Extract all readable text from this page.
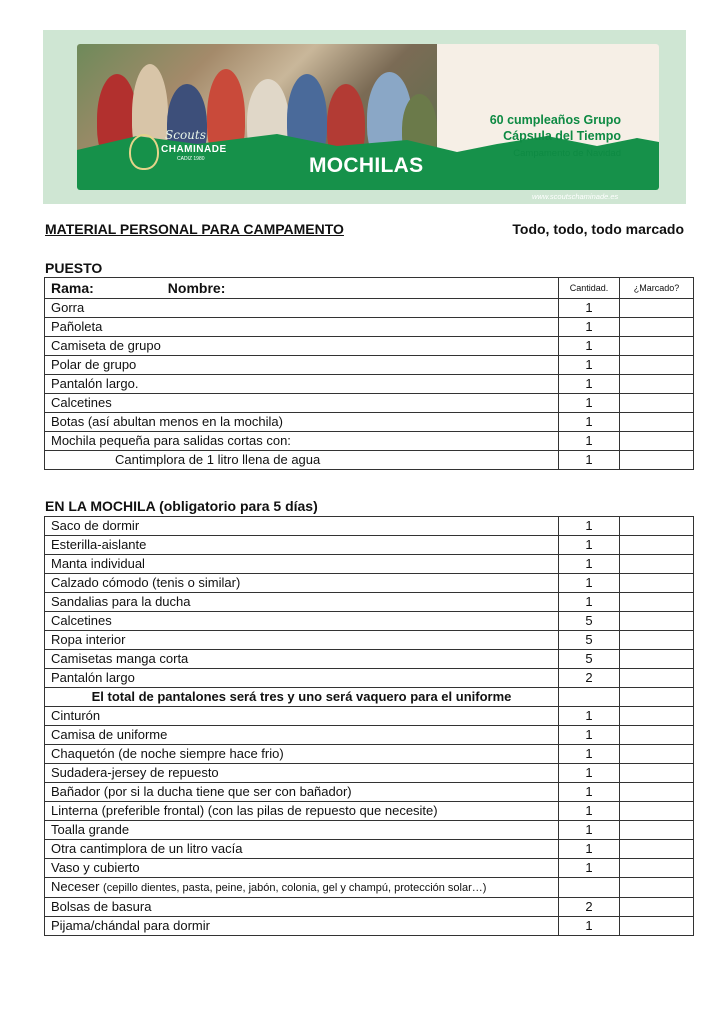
60 cumpleaños Grupo
Cápsula del Tiempo
Campamento de Navidad
Scouts
CHAMINADE
CADIZ 1980	MOCHILAS
www.scoutschaminade.es
MATERIAL PERSONAL PARA CAMPAMENTO	Todo, todo, todo marcado
PUESTO
Rama: Nombre:	Cantidad.	¿Marcado?
Gorra	1	
Pañoleta	1	
Camiseta de grupo	1	
Polar de grupo	1	
Pantalón largo.	1	
Calcetines	1	
Botas (así abultan menos en la mochila)	1	
Mochila pequeña para salidas cortas con:	1	
Cantimplora de 1 litro llena de agua	1	
EN LA MOCHILA (obligatorio para 5 días)
Saco de dormir	1	
Esterilla-aislante	1	
Manta individual	1	
Calzado cómodo (tenis o similar)	1	
Sandalias para la ducha	1	
Calcetines	5	
Ropa interior	5	
Camisetas manga corta	5	
Pantalón largo	2	
El total de pantalones será tres y uno será vaquero para el uniforme		
Cinturón	1	
Camisa de uniforme	1	
Chaquetón (de noche siempre hace frio)	1	
Sudadera-jersey de repuesto	1	
Bañador (por si la ducha tiene que ser con bañador)	1	
Linterna (preferible frontal) (con las pilas de repuesto que necesite)	1	
Toalla grande	1	
Otra cantimplora de un litro vacía	1	
Vaso y cubierto	1	
Neceser (cepillo dientes, pasta, peine, jabón, colonia, gel y champú, protección solar…)		
Bolsas de basura	2	
Pijama/chándal para dormir	1	
